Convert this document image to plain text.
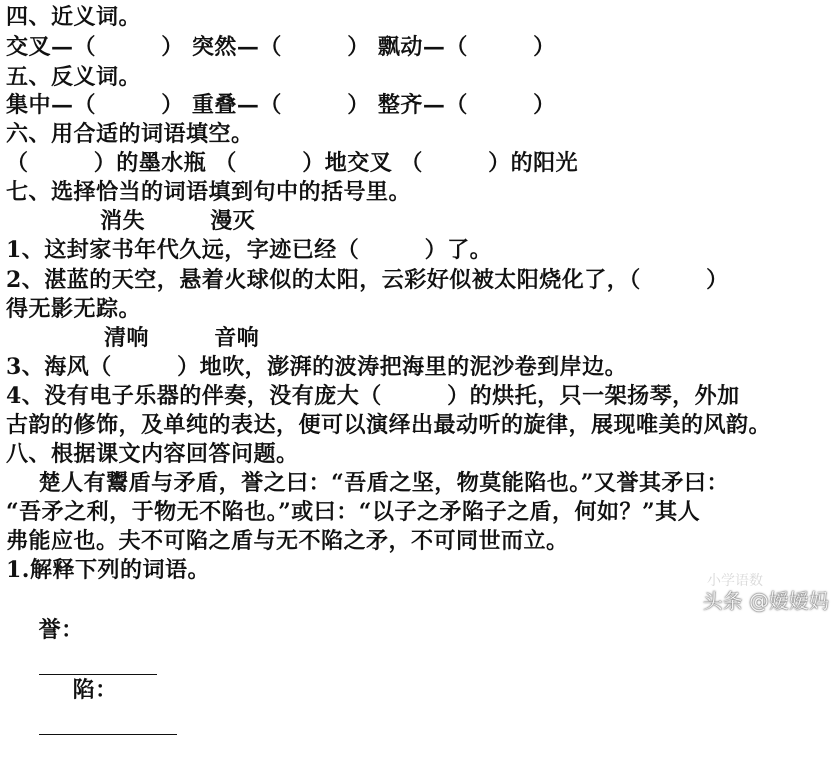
四、近义词。
交叉—（        ） 突然—（        ） 飘动—（        ）
五、反义词。
集中—（        ） 重叠—（        ） 整齐—（        ）
六、用合适的词语填空。
（        ）的墨水瓶 （        ）地交叉 （        ）的阳光
七、选择恰当的词语填到句中的括号里。
消失        漫灭
1、这封家书年代久远，字迹已经（        ）了。
2、湛蓝的天空，悬着火球似的太阳，云彩好似被太阳烧化了，（        ）
得无影无踪。
清响        音响
3、海风（        ）地吹，澎湃的波涛把海里的泥沙卷到岸边。
4、没有电子乐器的伴奏，没有庞大（        ）的烘托，只一架扬琴，外加
古韵的修饰，及单纯的表达，便可以演绎出最动听的旋律，展现唯美的风韵。
八、根据课文内容回答问题。
楚人有鬻盾与矛盾，誉之曰：“吾盾之坚，物莫能陷也。”又誉其矛曰：
“吾矛之利，于物无不陷也。”或曰：“以子之矛陷子之盾，何如？”其人
弗能应也。夫不可陷之盾与无不陷之矛，不可同世而立。
1.解释下列的词语。

誉：

陷：

小学语数
头条 @嫒嫒妈
